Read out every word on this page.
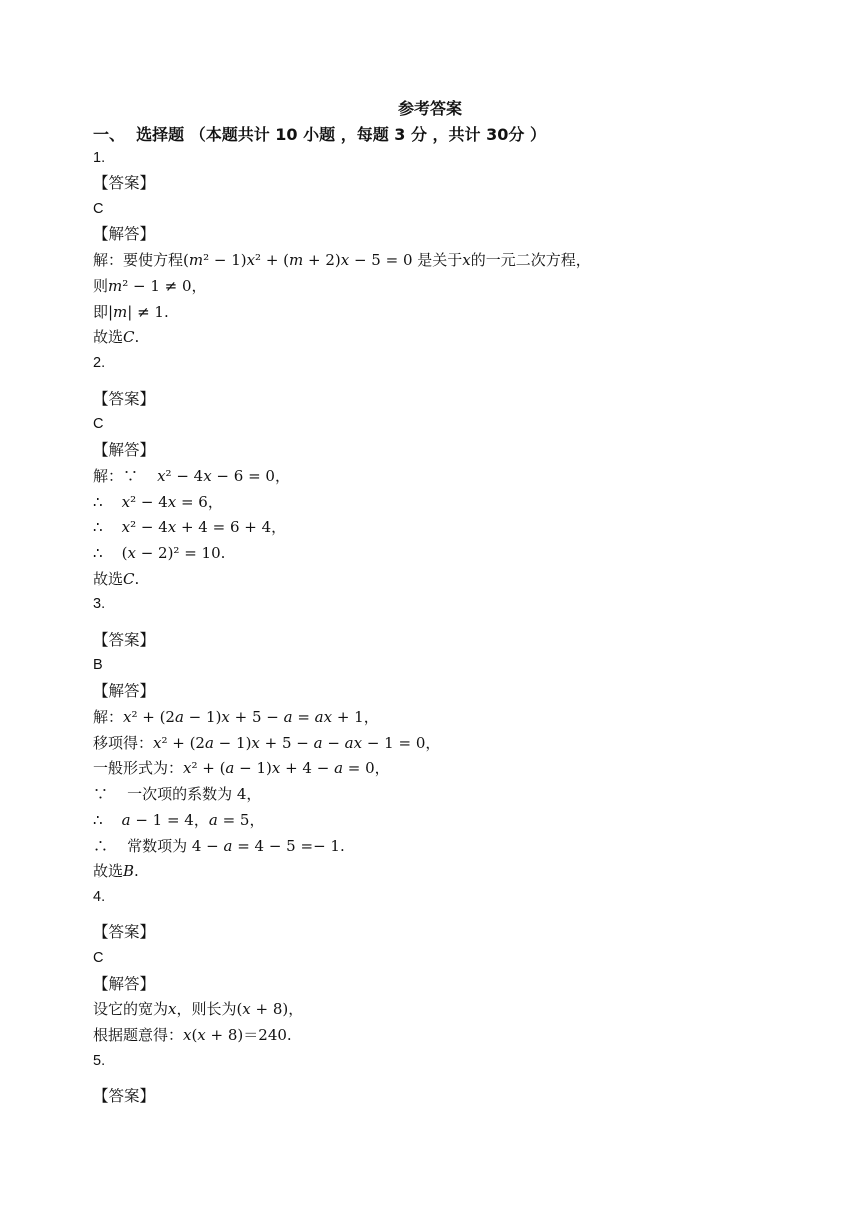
参考答案
一、  选择题 （本题共计 10 小题 ，每题 3 分 ，共计 30分 ）
1.
【答案】
C
【解答】
解：要使方程(𝑚² − 1)𝑥² + (𝑚 + 2)𝑥 − 5 = 0 是关于𝑥的一元二次方程，
则𝑚² − 1 ≠ 0，
即|𝑚| ≠ 1.
故选𝐶.
2.
【答案】
C
【解答】
解：∵    𝑥² − 4𝑥 − 6 = 0，
∴    𝑥² − 4𝑥 = 6，
∴    𝑥² − 4𝑥 + 4 = 6 + 4，
∴    (𝑥 − 2)² = 10.
故选𝐶.
3.
【答案】
B
【解答】
解：𝑥² + (2𝑎 − 1)𝑥 + 5 − 𝑎 = 𝑎𝑥 + 1，
移项得：𝑥² + (2𝑎 − 1)𝑥 + 5 − 𝑎 − 𝑎𝑥 − 1 = 0，
一般形式为：𝑥² + (𝑎 − 1)𝑥 + 4 − 𝑎 = 0，
∵    一次项的系数为 4，
∴    𝑎 − 1 = 4，𝑎 = 5，
∴    常数项为 4 − 𝑎 = 4 − 5 =− 1.
故选𝐵.
4.
【答案】
C
【解答】
设它的宽为𝑥，则长为(𝑥 + 8)，
根据题意得：𝑥(𝑥 + 8)＝240.
5.
【答案】
